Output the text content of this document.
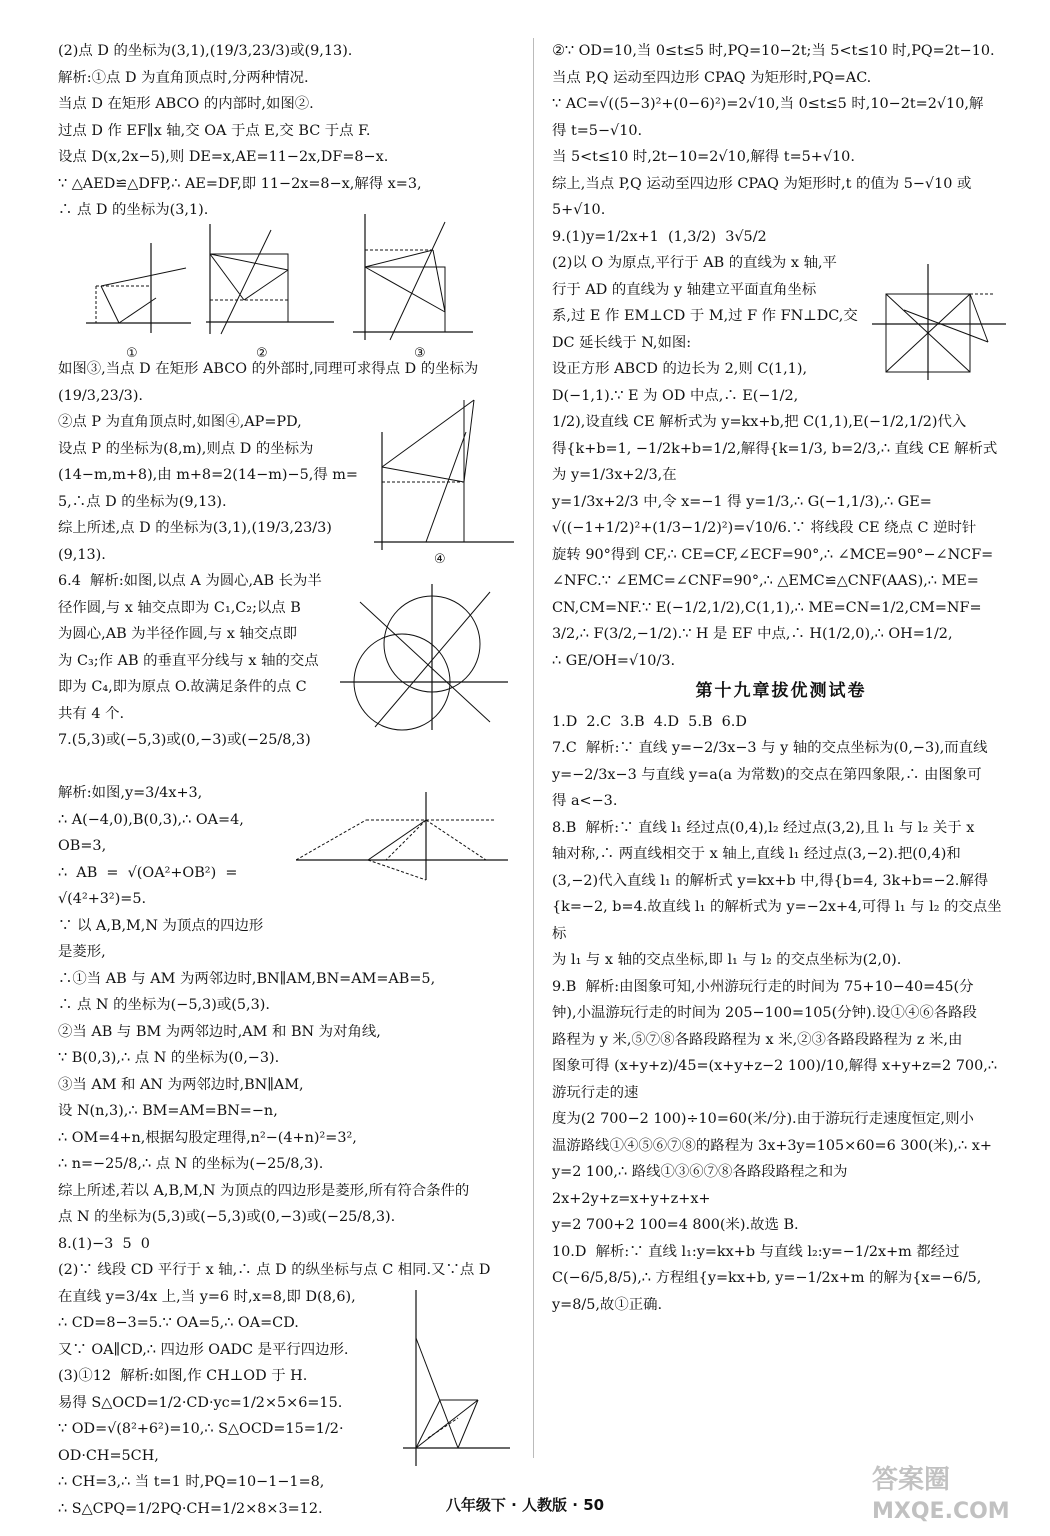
(2)点 D 的坐标为(3,1),(19/3,23/3)或(9,13).

解析:①点 D 为直角顶点时,分两种情况.

当点 D 在矩形 ABCO 的内部时,如图②.

过点 D 作 EF∥x 轴,交 OA 于点 E,交 BC 于点 F.

设点 D(x,2x−5),则 DE=x,AE=11−2x,DF=8−x.

∵ △AED≌△DFP,∴ AE=DF,即 11−2x=8−x,解得 x=3,

∴ 点 D 的坐标为(3,1).

如图③,当点 D 在矩形 ABCO 的外部时,同理可求得点 D 的坐标为

(19/3,23/3).

②点 P 为直角顶点时,如图④,AP=PD,

设点 P 的坐标为(8,m),则点 D 的坐标为

(14−m,m+8),由 m+8=2(14−m)−5,得 m=

5,∴点 D 的坐标为(9,13).

综上所述,点 D 的坐标为(3,1),(19/3,23/3)

(9,13).

6.4  解析:如图,以点 A 为圆心,AB 长为半

径作圆,与 x 轴交点即为 C₁,C₂;以点 B

为圆心,AB 为半径作圆,与 x 轴交点即

为 C₃;作 AB 的垂直平分线与 x 轴的交点

即为 C₄,即为原点 O.故满足条件的点 C

共有 4 个.

7.(5,3)或(−5,3)或(0,−3)或(−25/8,3)

解析:如图,y=3/4x+3,

∴ A(−4,0),B(0,3),∴ OA=4,

OB=3,

∴  AB  =  √(OA²+OB²)  =

√(4²+3²)=5.

∵ 以 A,B,M,N 为顶点的四边形

是菱形,

∴①当 AB 与 AM 为两邻边时,BN∥AM,BN=AM=AB=5,

∴ 点 N 的坐标为(−5,3)或(5,3).

②当 AB 与 BM 为两邻边时,AM 和 BN 为对角线,

∵ B(0,3),∴ 点 N 的坐标为(0,−3).

③当 AM 和 AN 为两邻边时,BN∥AM,

设 N(n,3),∴ BM=AM=BN=−n,

∴ OM=4+n,根据勾股定理得,n²−(4+n)²=3²,

∴ n=−25/8,∴ 点 N 的坐标为(−25/8,3).

综上所述,若以 A,B,M,N 为顶点的四边形是菱形,所有符合条件的

点 N 的坐标为(5,3)或(−5,3)或(0,−3)或(−25/8,3).

8.(1)−3  5  0

(2)∵ 线段 CD 平行于 x 轴,∴ 点 D 的纵坐标与点 C 相同.又∵点 D

在直线 y=3/4x 上,当 y=6 时,x=8,即 D(8,6),

∴ CD=8−3=5.∵ OA=5,∴ OA=CD.

又∵ OA∥CD,∴ 四边形 OADC 是平行四边形.

(3)①12  解析:如图,作 CH⊥OD 于 H.

易得 S△OCD=1/2·CD·yc=1/2×5×6=15.

∵ OD=√(8²+6²)=10,∴ S△OCD=15=1/2·

OD·CH=5CH,

∴ CH=3,∴ 当 t=1 时,PQ=10−1−1=8,

∴ S△CPQ=1/2PQ·CH=1/2×8×3=12.

②∵ OD=10,当 0≤t≤5 时,PQ=10−2t;当 5<t≤10 时,PQ=2t−10.

当点 P,Q 运动至四边形 CPAQ 为矩形时,PQ=AC.

∵ AC=√((5−3)²+(0−6)²)=2√10,当 0≤t≤5 时,10−2t=2√10,解

得 t=5−√10.

当 5<t≤10 时,2t−10=2√10,解得 t=5+√10.

综上,当点 P,Q 运动至四边形 CPAQ 为矩形时,t 的值为 5−√10 或

5+√10.

9.(1)y=1/2x+1  (1,3/2)  3√5/2

(2)以 O 为原点,平行于 AB 的直线为 x 轴,平

行于 AD 的直线为 y 轴建立平面直角坐标

系,过 E 作 EM⊥CD 于 M,过 F 作 FN⊥DC,交

DC 延长线于 N,如图:

设正方形 ABCD 的边长为 2,则 C(1,1),

D(−1,1).∵ E 为 OD 中点,∴ E(−1/2,

1/2),设直线 CE 解析式为 y=kx+b,把 C(1,1),E(−1/2,1/2)代入

得{k+b=1, −1/2k+b=1/2,解得{k=1/3, b=2/3,∴ 直线 CE 解析式为 y=1/3x+2/3,在

y=1/3x+2/3 中,令 x=−1 得 y=1/3,∴ G(−1,1/3),∴ GE=

√((−1+1/2)²+(1/3−1/2)²)=√10/6.∵ 将线段 CE 绕点 C 逆时针

旋转 90°得到 CF,∴ CE=CF,∠ECF=90°,∴ ∠MCE=90°−∠NCF=

∠NFC.∵ ∠EMC=∠CNF=90°,∴ △EMC≌△CNF(AAS),∴ ME=

CN,CM=NF.∵ E(−1/2,1/2),C(1,1),∴ ME=CN=1/2,CM=NF=

3/2,∴ F(3/2,−1/2).∵ H 是 EF 中点,∴ H(1/2,0),∴ OH=1/2,

∴ GE/OH=√10/3.

第十九章拔优测试卷

1.D  2.C  3.B  4.D  5.B  6.D

7.C  解析:∵ 直线 y=−2/3x−3 与 y 轴的交点坐标为(0,−3),而直线

y=−2/3x−3 与直线 y=a(a 为常数)的交点在第四象限,∴ 由图象可

得 a<−3.

8.B  解析:∵ 直线 l₁ 经过点(0,4),l₂ 经过点(3,2),且 l₁ 与 l₂ 关于 x

轴对称,∴ 两直线相交于 x 轴上,直线 l₁ 经过点(3,−2).把(0,4)和

(3,−2)代入直线 l₁ 的解析式 y=kx+b 中,得{b=4, 3k+b=−2.解得

{k=−2, b=4.故直线 l₁ 的解析式为 y=−2x+4,可得 l₁ 与 l₂ 的交点坐标

为 l₁ 与 x 轴的交点坐标,即 l₁ 与 l₂ 的交点坐标为(2,0).

9.B  解析:由图象可知,小州游玩行走的时间为 75+10−40=45(分

钟),小温游玩行走的时间为 205−100=105(分钟).设①④⑥各路段

路程为 y 米,⑤⑦⑧各路段路程为 x 米,②③各路段路程为 z 米,由

图象可得 (x+y+z)/45=(x+y+z−2 100)/10,解得 x+y+z=2 700,∴ 游玩行走的速

度为(2 700−2 100)÷10=60(米/分).由于游玩行走速度恒定,则小

温游路线①④⑤⑥⑦⑧的路程为 3x+3y=105×60=6 300(米),∴ x+

y=2 100,∴ 路线①③⑥⑦⑧各路段路程之和为 2x+2y+z=x+y+z+x+

y=2 700+2 100=4 800(米).故选 B.

10.D  解析:∵ 直线 l₁:y=kx+b 与直线 l₂:y=−1/2x+m 都经过

C(−6/5,8/5),∴ 方程组{y=kx+b, y=−1/2x+m 的解为{x=−6/5, y=8/5,故①正确.

①	②	③
④
八年级下 · 人教版 · 50
答案圈
MXQE.COM
